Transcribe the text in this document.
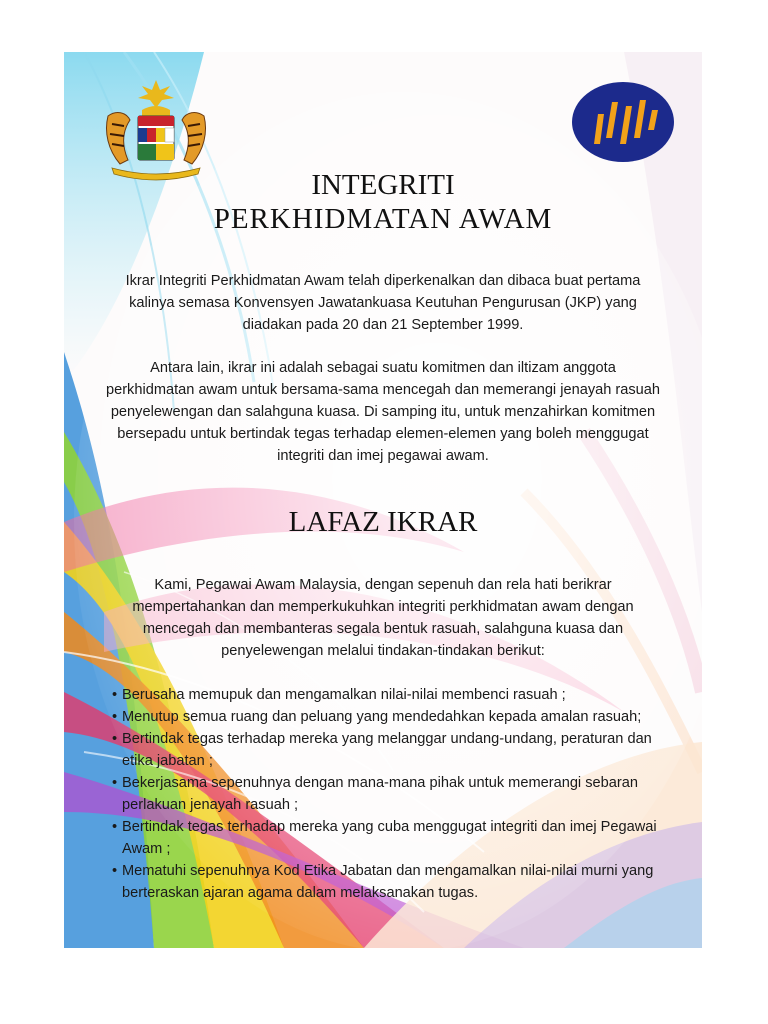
INTEGRITI
PERKHIDMATAN AWAM
Ikrar Integriti Perkhidmatan Awam telah diperkenalkan dan dibaca buat pertama kalinya semasa Konvensyen Jawatankuasa Keutuhan Pengurusan (JKP) yang diadakan pada 20 dan 21 September 1999.
Antara lain, ikrar ini adalah sebagai suatu komitmen dan iltizam anggota perkhidmatan awam untuk bersama-sama mencegah dan memerangi jenayah rasuah penyelewengan dan salahguna kuasa. Di samping itu, untuk menzahirkan komitmen bersepadu untuk bertindak tegas terhadap elemen-elemen yang boleh menggugat integriti dan imej pegawai awam.
LAFAZ IKRAR
Kami, Pegawai Awam Malaysia, dengan sepenuh dan rela hati berikrar mempertahankan dan memperkukuhkan integriti perkhidmatan awam dengan mencegah dan membanteras segala bentuk rasuah, salahguna kuasa dan penyelewengan melalui tindakan-tindakan berikut:
• Berusaha memupuk dan mengamalkan nilai-nilai membenci rasuah ;
• Menutup semua ruang dan peluang yang mendedahkan kepada amalan rasuah;
• Bertindak tegas terhadap mereka yang melanggar undang-undang, peraturan dan etika jabatan ;
• Bekerjasama sepenuhnya dengan mana-mana pihak untuk memerangi sebaran perlakuan jenayah rasuah ;
• Bertindak tegas terhadap mereka yang cuba menggugat integriti dan imej Pegawai Awam ;
• Mematuhi sepenuhnya Kod Etika Jabatan dan mengamalkan nilai-nilai murni yang berteraskan ajaran agama dalam melaksanakan tugas.
